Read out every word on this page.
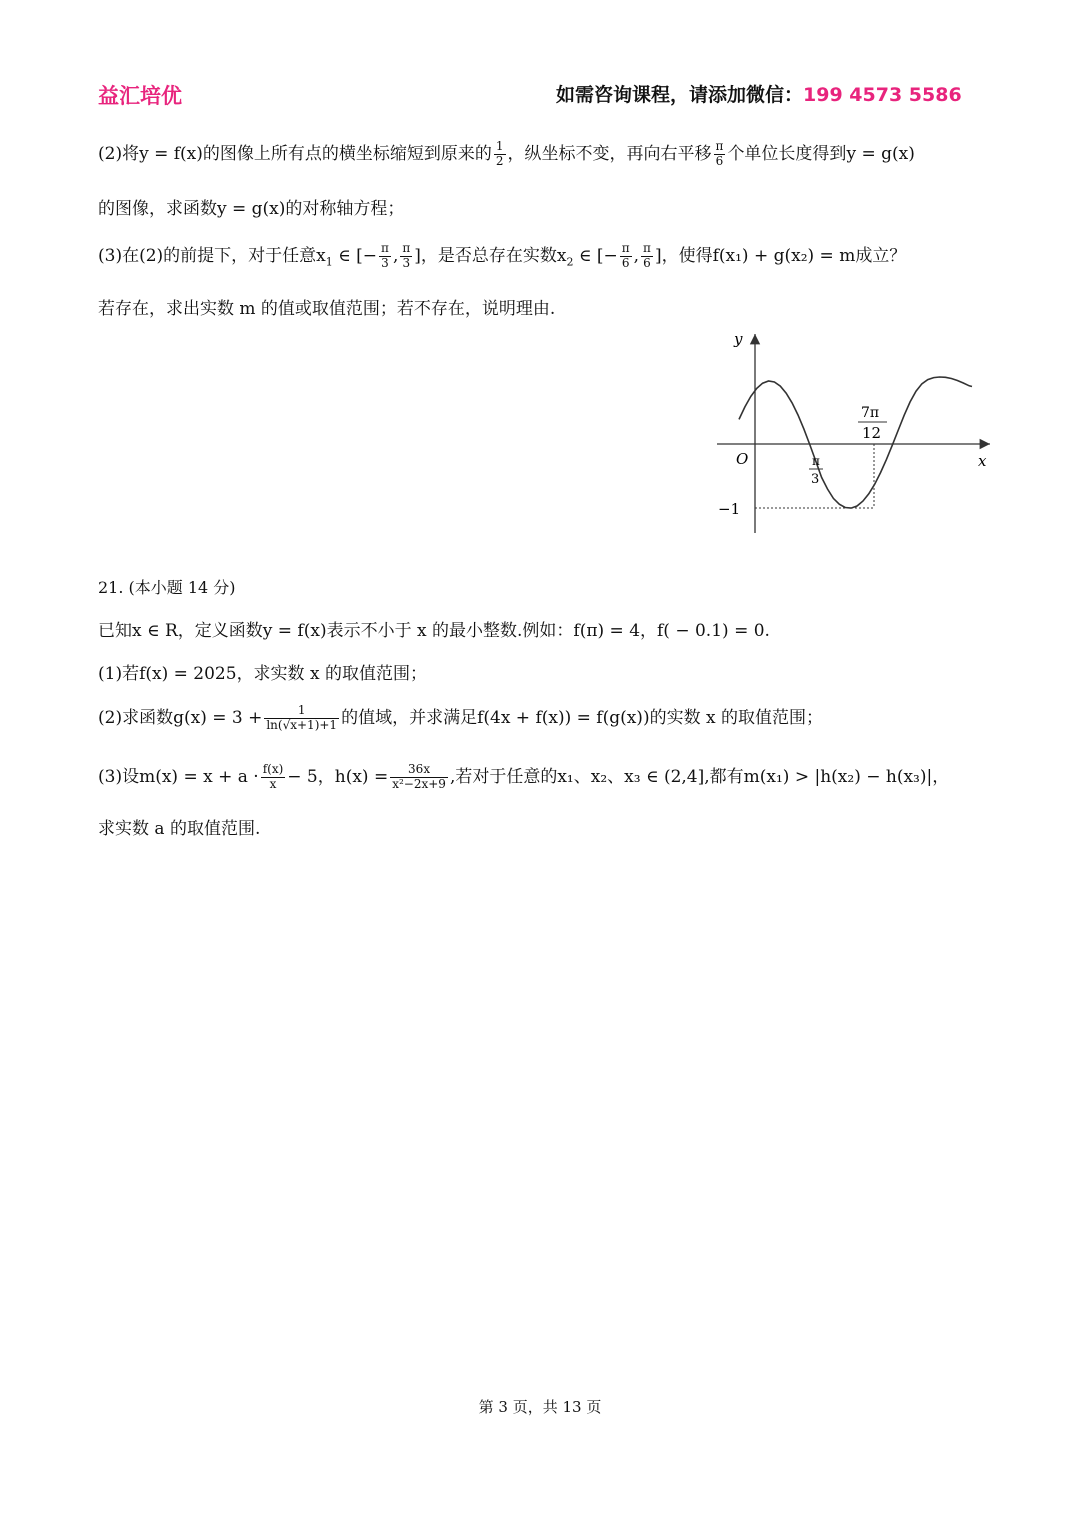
益汇培优	如需咨询课程，请添加微信：199 4573 5586
(2)将y = f(x)的图像上所有点的横坐标缩短到原来的 $\frac{1}{2}$ ，纵坐标不变，再向右平移 $\frac{\pi}{6}$ 个单位长度得到y = g(x)
的图像，求函数y = g(x)的对称轴方程；
(3)在(2)的前提下，对于任意$x_1$ ∈ [− $\frac{\pi}{3}$ , $\frac{\pi}{3}$ ]，是否总存在实数$x_2$ ∈ [− $\frac{\pi}{6}$ , $\frac{\pi}{6}$ ]，使得f(x₁) + g(x₂) = m成立？
若存在，求出实数 m 的值或取值范围；若不存在，说明理由.
y
x
O	π
3
7π
12
−1
21. (本小题 14 分)
已知x ∈ R，定义函数y = f(x)表示不小于 x 的最小整数.例如：f(π) = 4，f( − 0.1) = 0.
(1)若f(x) = 2025，求实数 x 的取值范围；
(2)求函数$g(x) = 3 + \frac{1}{\ln(√x+1)+1}$ 的值域，并求满足f(4x + f(x)) = f(g(x))的实数 x 的取值范围；
(3)设$m(x) = x + a \cdot \frac{f(x)}{x} - 5$，$h(x) = \frac{36x}{\text{x²−2x+9}}$ ,若对于任意的x₁、x₂、x₃ ∈ (2,4],都有m(x₁) > |h(x₂) − h(x₃)|，
求实数 a 的取值范围.
第 3 页，共 13 页
